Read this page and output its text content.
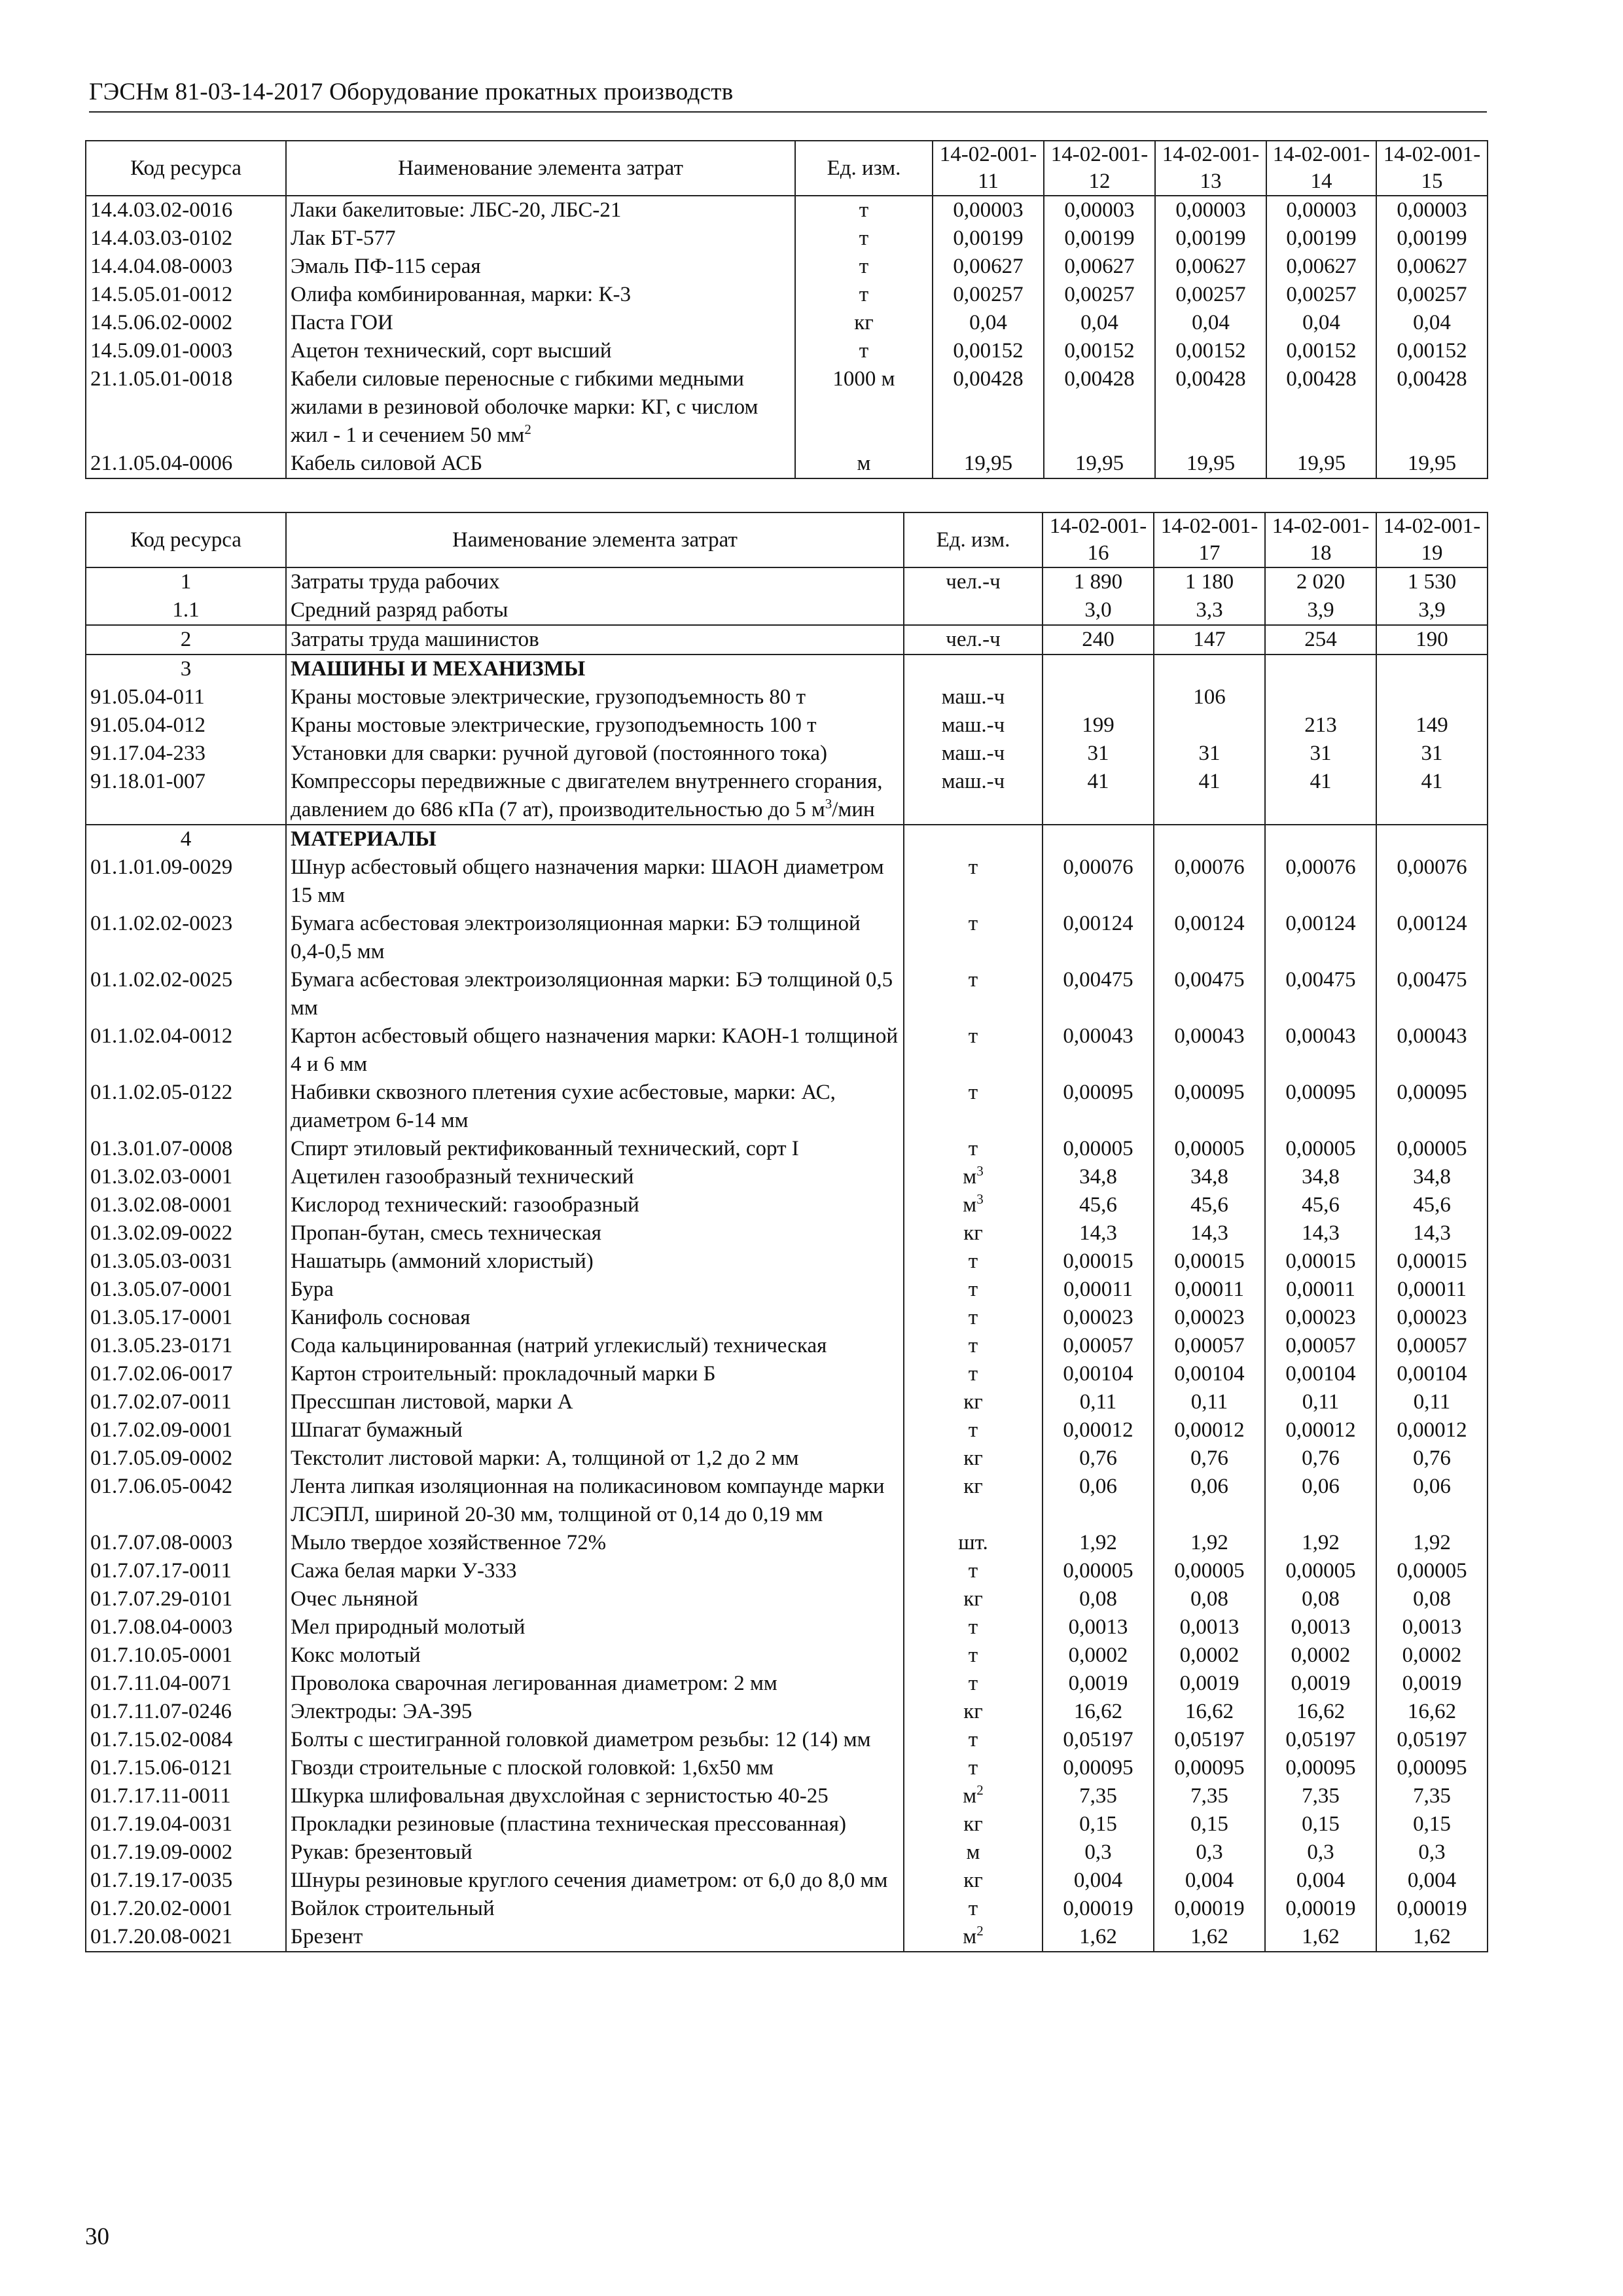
ГЭСНм 81-03-14-2017 Оборудование прокатных производств
Код ресурса	Наименование элемента затрат	Ед. изм.	14-02-001-11	14-02-001-12	14-02-001-13	14-02-001-14	14-02-001-15
14.4.03.02-0016	Лаки бакелитовые: ЛБС-20, ЛБС-21	т	0,00003	0,00003	0,00003	0,00003	0,00003
14.4.03.03-0102	Лак БТ-577	т	0,00199	0,00199	0,00199	0,00199	0,00199
14.4.04.08-0003	Эмаль ПФ-115 серая	т	0,00627	0,00627	0,00627	0,00627	0,00627
14.5.05.01-0012	Олифа комбинированная, марки: К-3	т	0,00257	0,00257	0,00257	0,00257	0,00257
14.5.06.02-0002	Паста ГОИ	кг	0,04	0,04	0,04	0,04	0,04
14.5.09.01-0003	Ацетон технический, сорт высший	т	0,00152	0,00152	0,00152	0,00152	0,00152
21.1.05.01-0018	Кабели силовые переносные с гибкими медными жилами в резиновой оболочке марки: КГ, с числом жил - 1 и сечением 50 $мм^2$	1000 м	0,00428	0,00428	0,00428	0,00428	0,00428
21.1.05.04-0006	Кабель силовой АСБ	м	19,95	19,95	19,95	19,95	19,95
Код ресурса	Наименование элемента затрат	Ед. изм.	14-02-001-16	14-02-001-17	14-02-001-18	14-02-001-19
1	Затраты труда рабочих	чел.-ч	1 890	1 180	2 020	1 530
1.1	Средний разряд работы		3,0	3,3	3,9	3,9
2	Затраты труда машинистов	чел.-ч	240	147	254	190
3	МАШИНЫ И МЕХАНИЗМЫ					
91.05.04-011	Краны мостовые электрические, грузоподъемность 80 т	маш.-ч		106		
91.05.04-012	Краны мостовые электрические, грузоподъемность 100 т	маш.-ч	199		213	149
91.17.04-233	Установки для сварки: ручной дуговой (постоянного тока)	маш.-ч	31	31	31	31
91.18.01-007	Компрессоры передвижные с двигателем внутреннего сгорания, давлением до 686 кПа (7 ат), производительностью до 5 $м^3$/мин	маш.-ч	41	41	41	41
4	МАТЕРИАЛЫ					
01.1.01.09-0029	Шнур асбестовый общего назначения марки: ШАОН диаметром 15 мм	т	0,00076	0,00076	0,00076	0,00076
01.1.02.02-0023	Бумага асбестовая электроизоляционная марки: БЭ толщиной 0,4-0,5 мм	т	0,00124	0,00124	0,00124	0,00124
01.1.02.02-0025	Бумага асбестовая электроизоляционная марки: БЭ толщиной 0,5 мм	т	0,00475	0,00475	0,00475	0,00475
01.1.02.04-0012	Картон асбестовый общего назначения марки: КАОН-1 толщиной 4 и 6 мм	т	0,00043	0,00043	0,00043	0,00043
01.1.02.05-0122	Набивки сквозного плетения сухие асбестовые, марки: АС, диаметром 6-14 мм	т	0,00095	0,00095	0,00095	0,00095
01.3.01.07-0008	Спирт этиловый ректификованный технический, сорт I	т	0,00005	0,00005	0,00005	0,00005
01.3.02.03-0001	Ацетилен газообразный технический	$м^3$	34,8	34,8	34,8	34,8
01.3.02.08-0001	Кислород технический: газообразный	$м^3$	45,6	45,6	45,6	45,6
01.3.02.09-0022	Пропан-бутан, смесь техническая	кг	14,3	14,3	14,3	14,3
01.3.05.03-0031	Нашатырь (аммоний хлористый)	т	0,00015	0,00015	0,00015	0,00015
01.3.05.07-0001	Бура	т	0,00011	0,00011	0,00011	0,00011
01.3.05.17-0001	Канифоль сосновая	т	0,00023	0,00023	0,00023	0,00023
01.3.05.23-0171	Сода кальцинированная (натрий углекислый) техническая	т	0,00057	0,00057	0,00057	0,00057
01.7.02.06-0017	Картон строительный: прокладочный марки Б	т	0,00104	0,00104	0,00104	0,00104
01.7.02.07-0011	Прессшпан листовой, марки А	кг	0,11	0,11	0,11	0,11
01.7.02.09-0001	Шпагат бумажный	т	0,00012	0,00012	0,00012	0,00012
01.7.05.09-0002	Текстолит листовой марки: А, толщиной от 1,2 до 2 мм	кг	0,76	0,76	0,76	0,76
01.7.06.05-0042	Лента липкая изоляционная на поликасиновом компаунде марки ЛСЭПЛ, шириной 20-30 мм, толщиной от 0,14 до 0,19 мм	кг	0,06	0,06	0,06	0,06
01.7.07.08-0003	Мыло твердое хозяйственное 72%	шт.	1,92	1,92	1,92	1,92
01.7.07.17-0011	Сажа белая марки У-333	т	0,00005	0,00005	0,00005	0,00005
01.7.07.29-0101	Очес льняной	кг	0,08	0,08	0,08	0,08
01.7.08.04-0003	Мел природный молотый	т	0,0013	0,0013	0,0013	0,0013
01.7.10.05-0001	Кокс молотый	т	0,0002	0,0002	0,0002	0,0002
01.7.11.04-0071	Проволока сварочная легированная диаметром: 2 мм	т	0,0019	0,0019	0,0019	0,0019
01.7.11.07-0246	Электроды: ЭА-395	кг	16,62	16,62	16,62	16,62
01.7.15.02-0084	Болты с шестигранной головкой диаметром резьбы: 12 (14) мм	т	0,05197	0,05197	0,05197	0,05197
01.7.15.06-0121	Гвозди строительные с плоской головкой: 1,6х50 мм	т	0,00095	0,00095	0,00095	0,00095
01.7.17.11-0011	Шкурка шлифовальная двухслойная с зернистостью 40-25	$м^2$	7,35	7,35	7,35	7,35
01.7.19.04-0031	Прокладки резиновые (пластина техническая прессованная)	кг	0,15	0,15	0,15	0,15
01.7.19.09-0002	Рукав: брезентовый	м	0,3	0,3	0,3	0,3
01.7.19.17-0035	Шнуры резиновые круглого сечения диаметром: от 6,0 до 8,0 мм	кг	0,004	0,004	0,004	0,004
01.7.20.02-0001	Войлок строительный	т	0,00019	0,00019	0,00019	0,00019
01.7.20.08-0021	Брезент	$м^2$	1,62	1,62	1,62	1,62
30
